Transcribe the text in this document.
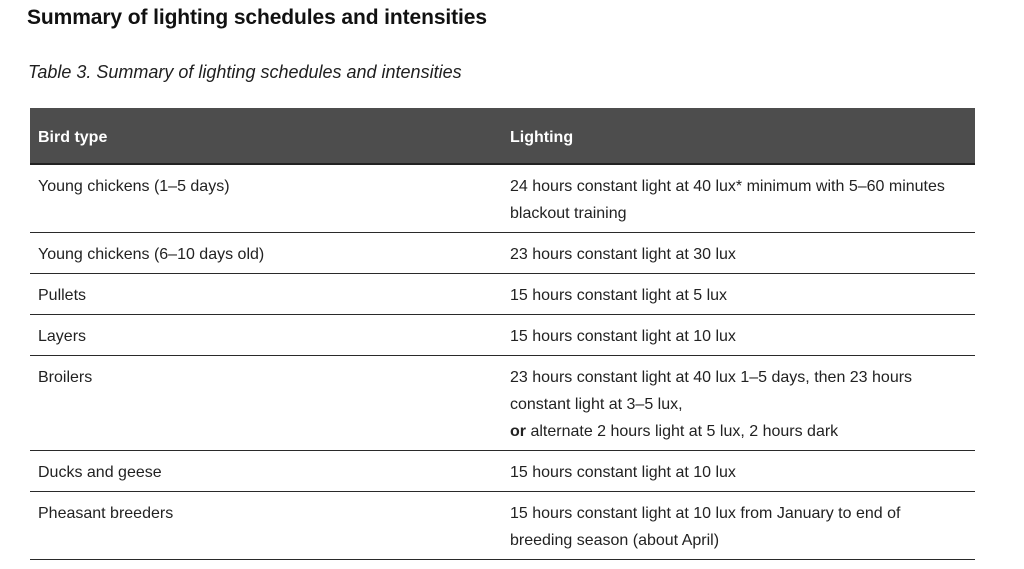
Summary of lighting schedules and intensities
Table 3. Summary of lighting schedules and intensities
Bird type	Lighting
Young chickens (1–5 days)	24 hours constant light at 40 lux* minimum with 5–60 minutes blackout training
Young chickens (6–10 days old)	23 hours constant light at 30 lux
Pullets	15 hours constant light at 5 lux
Layers	15 hours constant light at 10 lux
Broilers	23 hours constant light at 40 lux 1–5 days, then 23 hours constant light at 3–5 lux,
or alternate 2 hours light at 5 lux, 2 hours dark
Ducks and geese	15 hours constant light at 10 lux
Pheasant breeders	15 hours constant light at 10 lux from January to end of breeding season (about April)
